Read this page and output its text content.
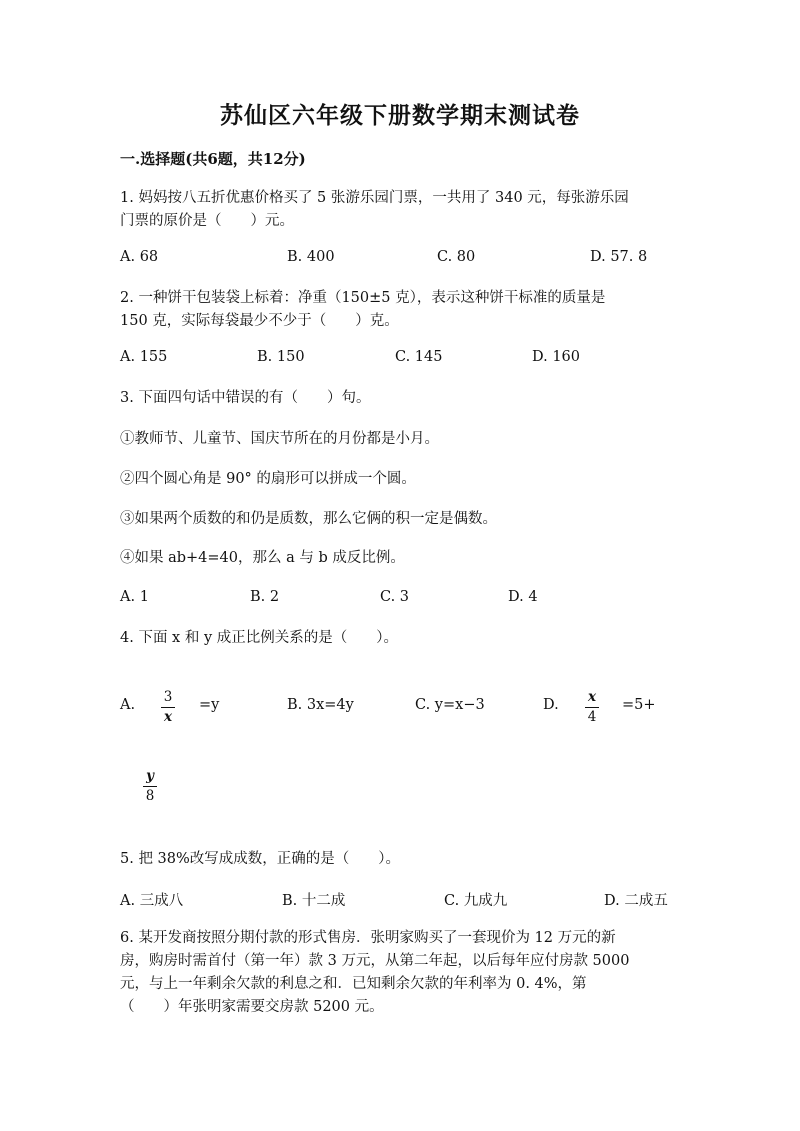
苏仙区六年级下册数学期末测试卷
一.选择题(共6题，共12分)
1. 妈妈按八五折优惠价格买了 5 张游乐园门票，一共用了 340 元，每张游乐园
门票的原价是（　　）元。
A. 68	B. 400	C. 80	D. 57. 8
2. 一种饼干包装袋上标着：净重（150±5 克），表示这种饼干标准的质量是
150 克，实际每袋最少不少于（　　）克。
A. 155	B. 150	C. 145	D. 160
3. 下面四句话中错误的有（　　）句。
①教师节、儿童节、国庆节所在的月份都是小月。
②四个圆心角是 90° 的扇形可以拼成一个圆。
③如果两个质数的和仍是质数，那么它俩的积一定是偶数。
④如果 ab+4=40，那么 a 与 b 成反比例。
A. 1	B. 2	C. 3	D. 4
4. 下面 x 和 y 成正比例关系的是（　　）。
A. 3
x
=y	B. 3x=4y	C. y=x−3	D. x
4
=5+
y
8
5. 把 38%改写成成数，正确的是（　　）。
A. 三成八	B. 十二成	C. 九成九	D. 二成五
6. 某开发商按照分期付款的形式售房．张明家购买了一套现价为 12 万元的新
房，购房时需首付（第一年）款 3 万元，从第二年起，以后每年应付房款 5000
元，与上一年剩余欠款的利息之和．已知剩余欠款的年利率为 0. 4%，第
（　　）年张明家需要交房款 5200 元。
